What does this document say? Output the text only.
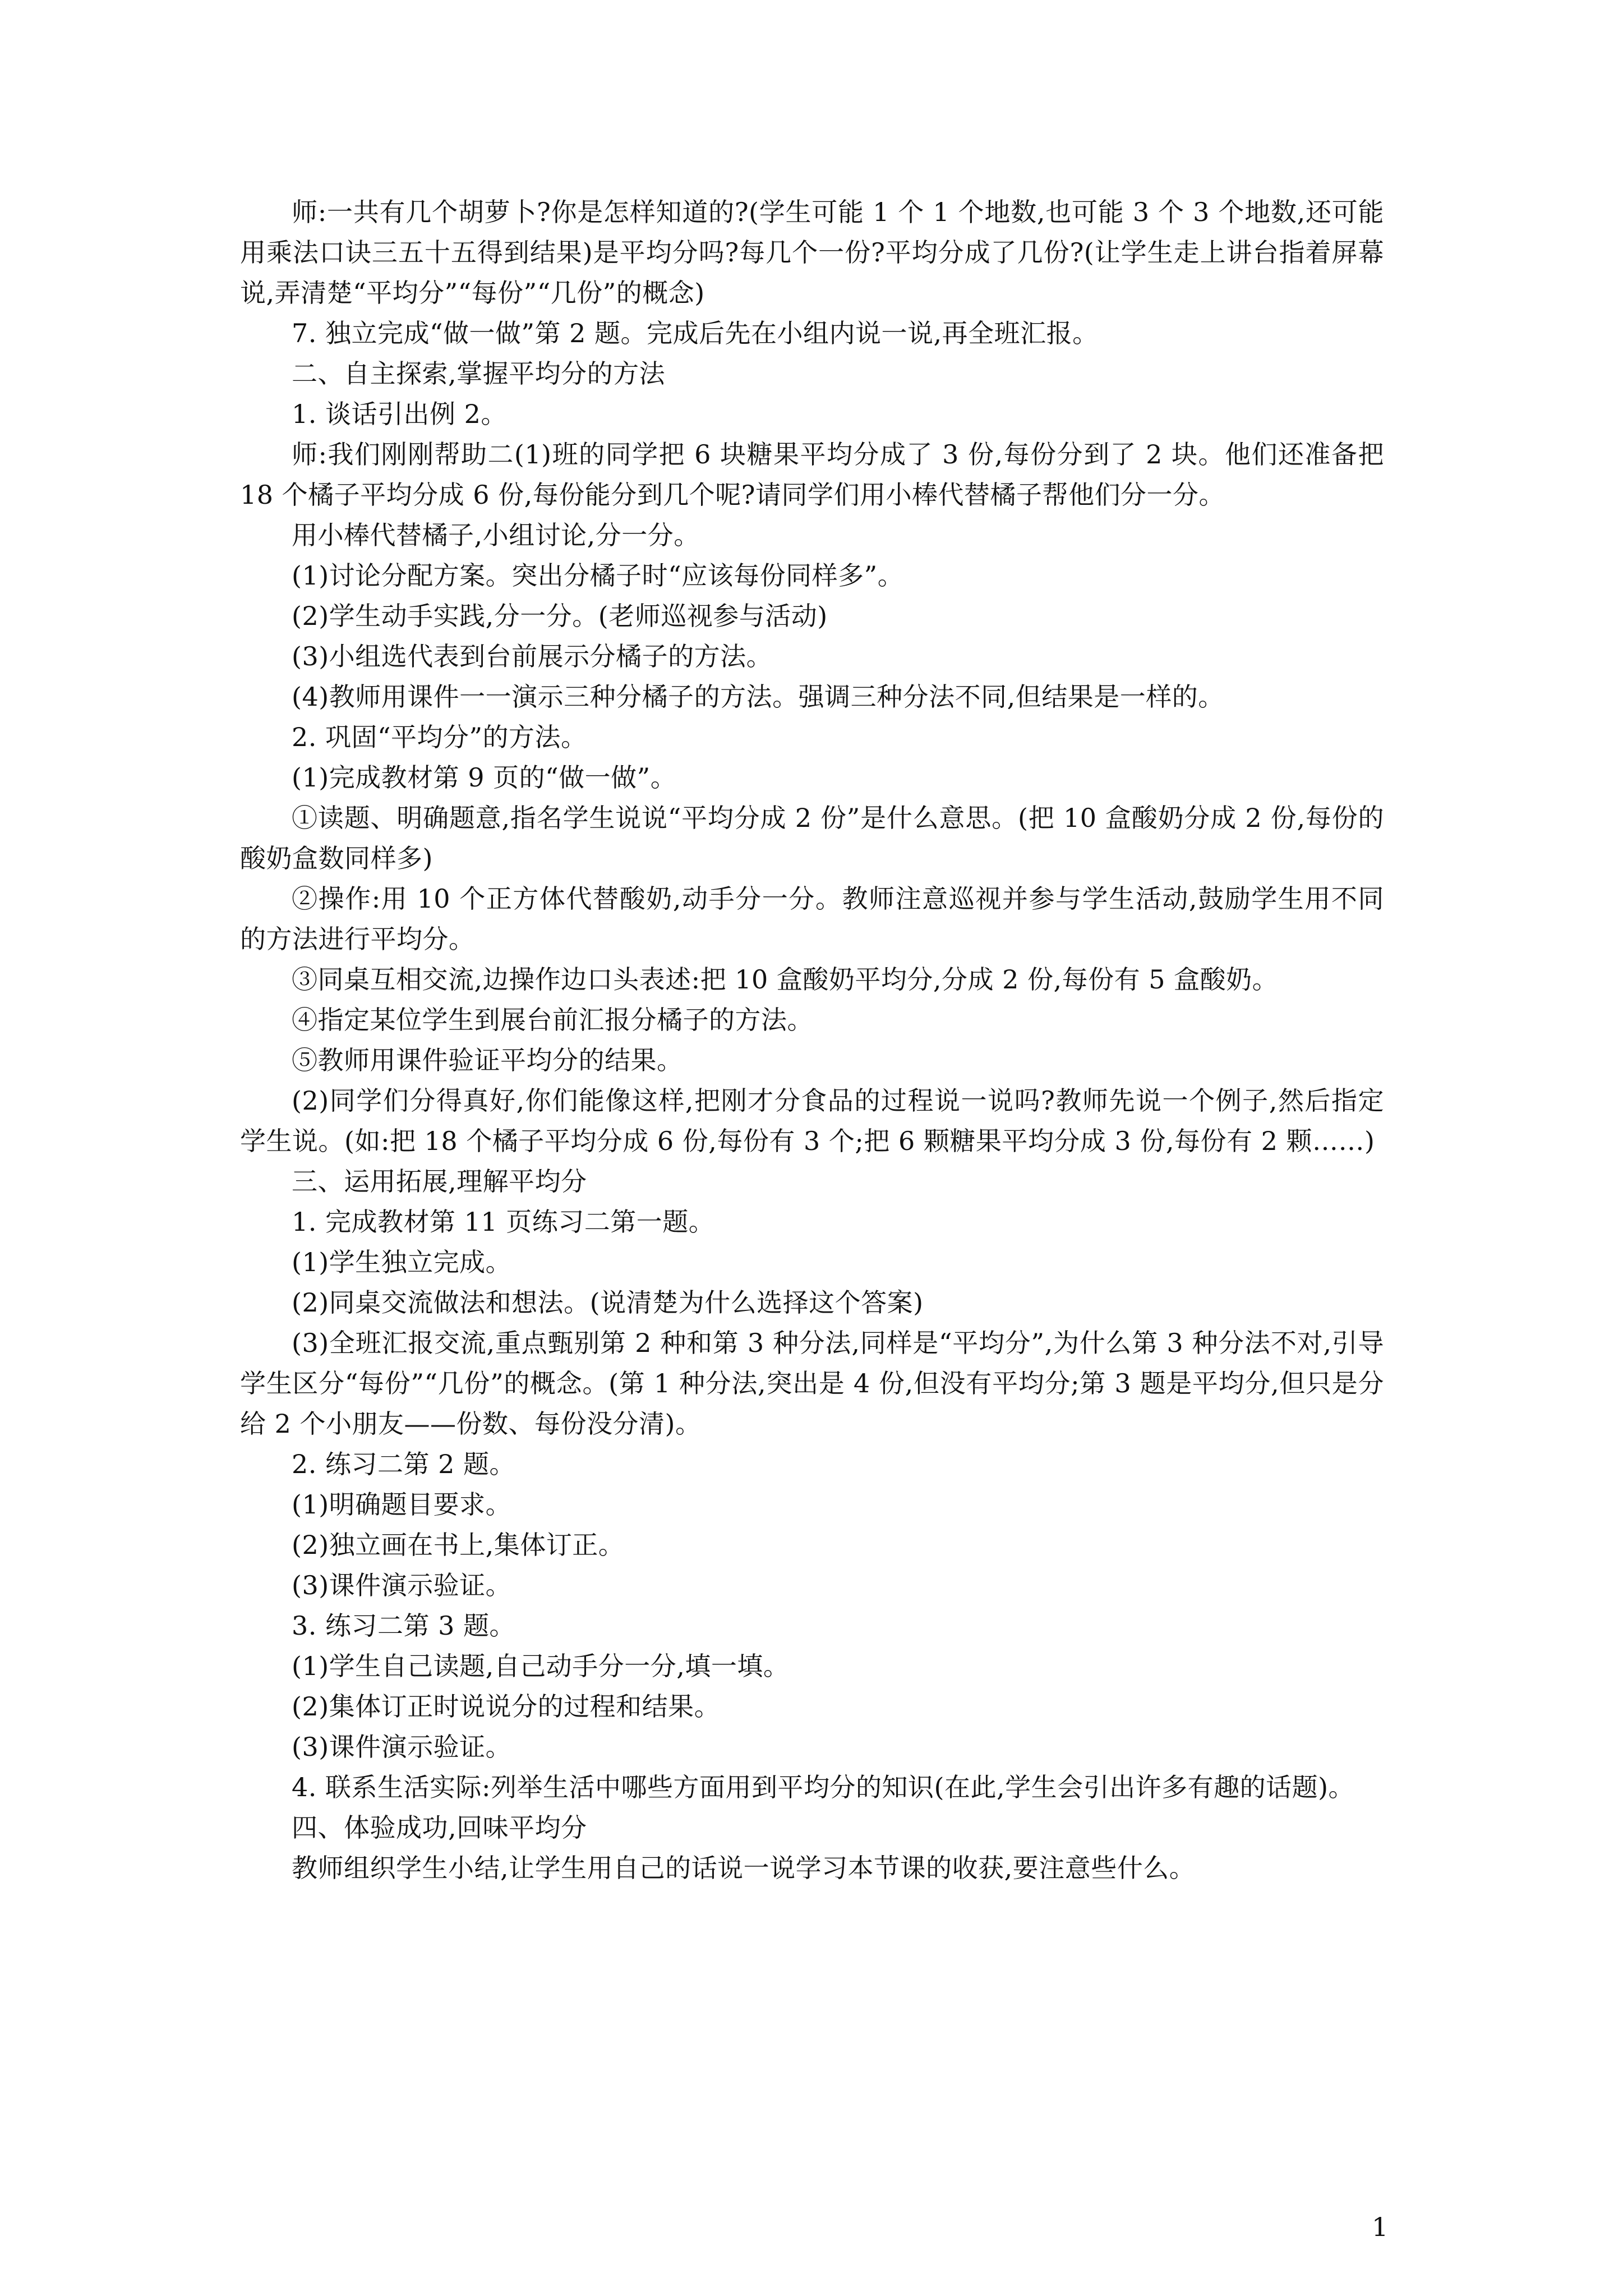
师:一共有几个胡萝卜?你是怎样知道的?(学生可能 1 个 1 个地数,也可能 3 个 3 个地数,还可能用乘法口诀三五十五得到结果)是平均分吗?每几个一份?平均分成了几份?(让学生走上讲台指着屏幕说,弄清楚“平均分”“每份”“几份”的概念)

7. 独立完成“做一做”第 2 题。完成后先在小组内说一说,再全班汇报。

二、自主探索,掌握平均分的方法

1. 谈话引出例 2。

师:我们刚刚帮助二(1)班的同学把 6 块糖果平均分成了 3 份,每份分到了 2 块。他们还准备把 18 个橘子平均分成 6 份,每份能分到几个呢?请同学们用小棒代替橘子帮他们分一分。

用小棒代替橘子,小组讨论,分一分。

(1)讨论分配方案。突出分橘子时“应该每份同样多”。

(2)学生动手实践,分一分。(老师巡视参与活动)

(3)小组选代表到台前展示分橘子的方法。

(4)教师用课件一一演示三种分橘子的方法。强调三种分法不同,但结果是一样的。

2. 巩固“平均分”的方法。

(1)完成教材第 9 页的“做一做”。

①读题、明确题意,指名学生说说“平均分成 2 份”是什么意思。(把 10 盒酸奶分成 2 份,每份的酸奶盒数同样多)

②操作:用 10 个正方体代替酸奶,动手分一分。教师注意巡视并参与学生活动,鼓励学生用不同的方法进行平均分。

③同桌互相交流,边操作边口头表述:把 10 盒酸奶平均分,分成 2 份,每份有 5 盒酸奶。

④指定某位学生到展台前汇报分橘子的方法。

⑤教师用课件验证平均分的结果。

(2)同学们分得真好,你们能像这样,把刚才分食品的过程说一说吗?教师先说一个例子,然后指定学生说。(如:把 18 个橘子平均分成 6 份,每份有 3 个;把 6 颗糖果平均分成 3 份,每份有 2 颗……)

三、运用拓展,理解平均分

1. 完成教材第 11 页练习二第一题。

(1)学生独立完成。

(2)同桌交流做法和想法。(说清楚为什么选择这个答案)

(3)全班汇报交流,重点甄别第 2 种和第 3 种分法,同样是“平均分”,为什么第 3 种分法不对,引导学生区分“每份”“几份”的概念。(第 1 种分法,突出是 4 份,但没有平均分;第 3 题是平均分,但只是分给 2 个小朋友——份数、每份没分清)。

2. 练习二第 2 题。

(1)明确题目要求。

(2)独立画在书上,集体订正。

(3)课件演示验证。

3. 练习二第 3 题。

(1)学生自己读题,自己动手分一分,填一填。

(2)集体订正时说说分的过程和结果。

(3)课件演示验证。

4. 联系生活实际:列举生活中哪些方面用到平均分的知识(在此,学生会引出许多有趣的话题)。

四、体验成功,回味平均分

教师组织学生小结,让学生用自己的话说一说学习本节课的收获,要注意些什么。

1
